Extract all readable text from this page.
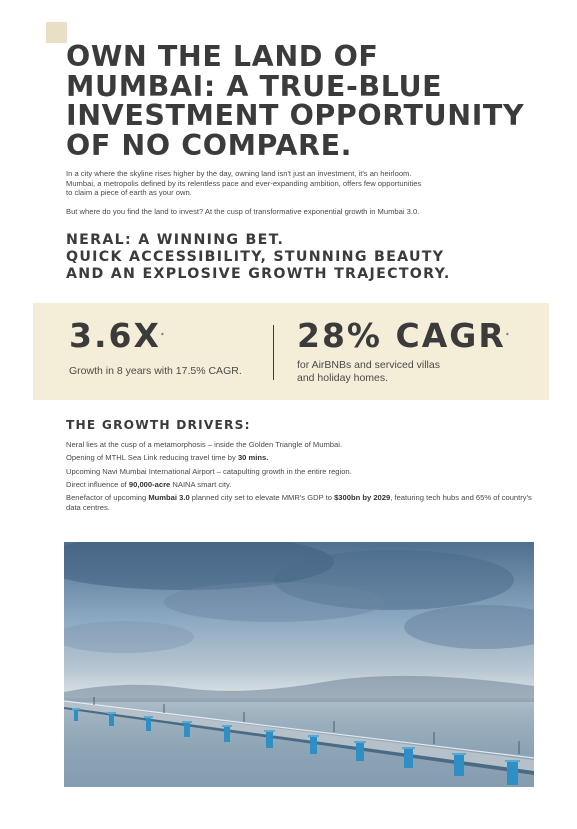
OWN THE LAND OF
MUMBAI: A TRUE-BLUE
INVESTMENT OPPORTUNITY
OF NO COMPARE.

In a city where the skyline rises higher by the day, owning land isn't just an investment, it's an heirloom.

Mumbai, a metropolis defined by its relentless pace and ever-expanding ambition, offers few opportunities

to claim a piece of earth as your own.

But where do you find the land to invest? At the cusp of transformative exponential growth in Mumbai 3.0.

NERAL: A WINNING BET.
QUICK ACCESSIBILITY, STUNNING BEAUTY
AND AN EXPLOSIVE GROWTH TRAJECTORY.
3.6X*
Growth in 8 years with 17.5% CAGR.
28% CAGR*
for AirBNBs and serviced villas
and holiday homes.
THE GROWTH DRIVERS:
Neral lies at the cusp of a metamorphosis – inside the Golden Triangle of Mumbai.
Opening of MTHL Sea Link reducing travel time by 30 mins.
Upcoming Navi Mumbai International Airport – catapulting growth in the entire region.
Direct influence of 90,000-acre NAINA smart city.
Benefactor of upcoming Mumbai 3.0 planned city set to elevate MMR's GDP to $300bn by 2029, featuring tech hubs and 65% of country's data centres.
